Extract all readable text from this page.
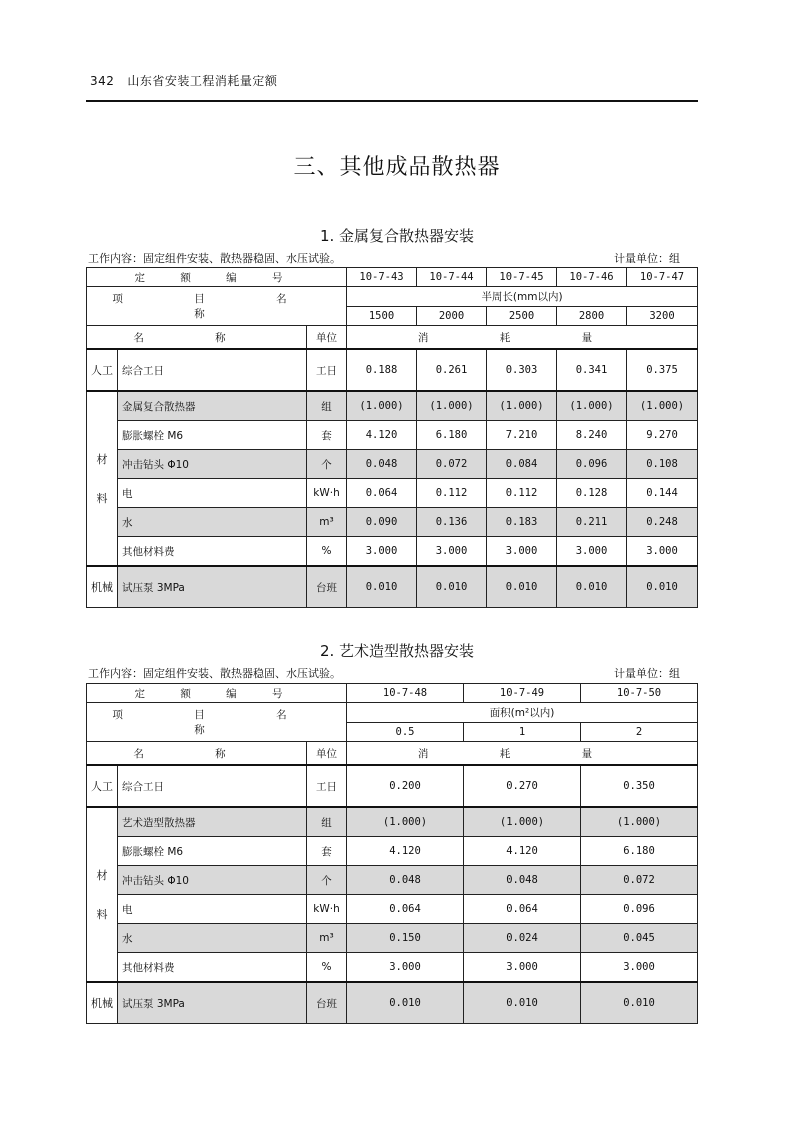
342 山东省安装工程消耗量定额
三、其他成品散热器
1. 金属复合散热器安装
工作内容：固定组件安装、散热器稳固、水压试验。	计量单位：组
定 额 编 号			10-7-43	10-7-44	10-7-45	10-7-46	10-7-47
项 目 名 称			半周长(mm以内)				
			1500	2000	2500	2800	3200
名 称		单位	消 耗 量				
人工	综合工日	工日	0.188	0.261	0.303	0.341	0.375
材

料	金属复合散热器	组	(1.000)	(1.000)	(1.000)	(1.000)	(1.000)
	膨胀螺栓 M6	套	4.120	6.180	7.210	8.240	9.270
	冲击钻头 Φ10	个	0.048	0.072	0.084	0.096	0.108
	电	kW·h	0.064	0.112	0.112	0.128	0.144
	水	m³	0.090	0.136	0.183	0.211	0.248
	其他材料费	%	3.000	3.000	3.000	3.000	3.000
机械	试压泵 3MPa	台班	0.010	0.010	0.010	0.010	0.010
2. 艺术造型散热器安装
工作内容：固定组件安装、散热器稳固、水压试验。	计量单位：组
定 额 编 号			10-7-48	10-7-49	10-7-50
项 目 名 称			面积(m²以内)		
			0.5	1	2
名 称		单位	消 耗 量		
人工	综合工日	工日	0.200	0.270	0.350
材

料	艺术造型散热器	组	(1.000)	(1.000)	(1.000)
	膨胀螺栓 M6	套	4.120	4.120	6.180
	冲击钻头 Φ10	个	0.048	0.048	0.072
	电	kW·h	0.064	0.064	0.096
	水	m³	0.150	0.024	0.045
	其他材料费	%	3.000	3.000	3.000
机械	试压泵 3MPa	台班	0.010	0.010	0.010
